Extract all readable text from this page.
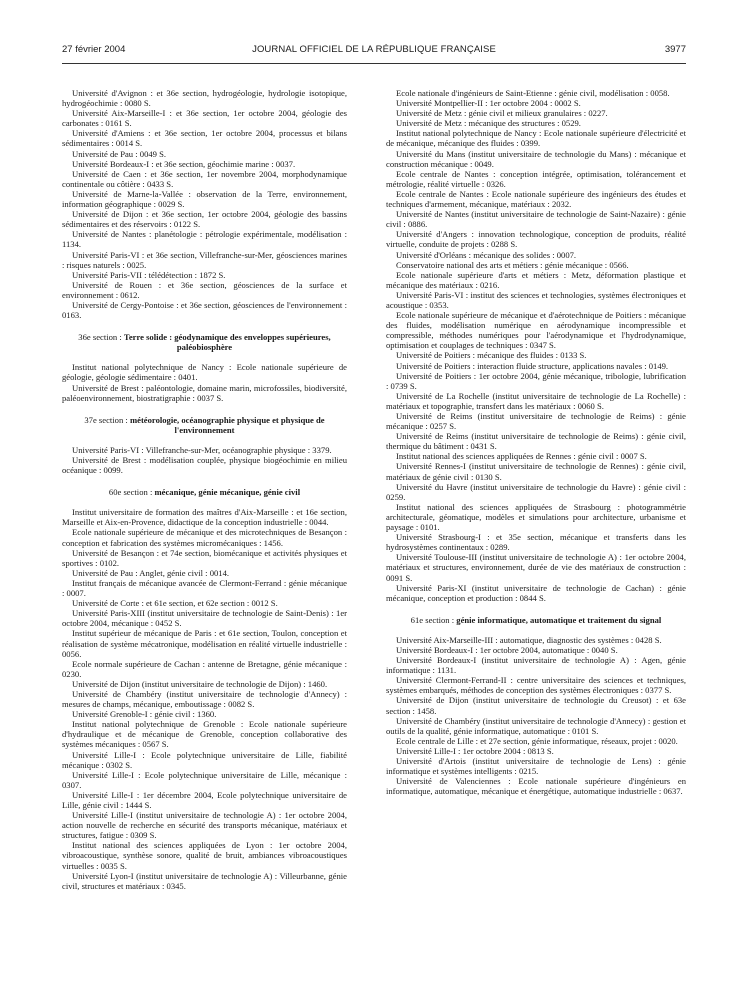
27 février 2004	JOURNAL OFFICIEL DE LA RÉPUBLIQUE FRANÇAISE	3977

Université d'Avignon : et 36e section, hydrogéologie, hydrologie isotopique, hydrogéochimie : 0080 S.

Université Aix-Marseille-I : et 36e section, 1er octobre 2004, géologie des carbonates : 0161 S.

Université d'Amiens : et 36e section, 1er octobre 2004, processus et bilans sédimentaires : 0014 S.

Université de Pau : 0049 S.

Université Bordeaux-I : et 36e section, géochimie marine : 0037.

Université de Caen : et 36e section, 1er novembre 2004, morphodynamique continentale ou côtière : 0433 S.

Université de Marne-la-Vallée : observation de la Terre, environnement, information géographique : 0029 S.

Université de Dijon : et 36e section, 1er octobre 2004, géologie des bassins sédimentaires et des réservoirs : 0122 S.

Université de Nantes : planétologie : pétrologie expérimentale, modélisation : 1134.

Université Paris-VI : et 36e section, Villefranche-sur-Mer, géosciences marines : risques naturels : 0025.

Université Paris-VII : télédétection : 1872 S.

Université de Rouen : et 36e section, géosciences de la surface et environnement : 0612.

Université de Cergy-Pontoise : et 36e section, géosciences de l'environnement : 0163.

36e section : Terre solide : géodynamique des enveloppes supérieures, paléobiosphère

Institut national polytechnique de Nancy : Ecole nationale supérieure de géologie, géologie sédimentaire : 0401.

Université de Brest : paléontologie, domaine marin, microfossiles, biodiversité, paléoenvironnement, biostratigraphie : 0037 S.

37e section : météorologie, océanographie physique et physique de l'environnement

Université Paris-VI : Villefranche-sur-Mer, océanographie physique : 3379.

Université de Brest : modélisation couplée, physique biogéochimie en milieu océanique : 0099.

60e section : mécanique, génie mécanique, génie civil

Institut universitaire de formation des maîtres d'Aix-Marseille : et 16e section, Marseille et Aix-en-Provence, didactique de la conception industrielle : 0044.

Ecole nationale supérieure de mécanique et des microtechniques de Besançon : conception et fabrication des systèmes micromécaniques : 1456.

Université de Besançon : et 74e section, biomécanique et activités physiques et sportives : 0102.

Université de Pau : Anglet, génie civil : 0014.

Institut français de mécanique avancée de Clermont-Ferrand : génie mécanique : 0007.

Université de Corte : et 61e section, et 62e section : 0012 S.

Université Paris-XIII (institut universitaire de technologie de Saint-Denis) : 1er octobre 2004, mécanique : 0452 S.

Institut supérieur de mécanique de Paris : et 61e section, Toulon, conception et réalisation de système mécatronique, modélisation en réalité virtuelle industrielle : 0056.

Ecole normale supérieure de Cachan : antenne de Bretagne, génie mécanique : 0230.

Université de Dijon (institut universitaire de technologie de Dijon) : 1460.

Université de Chambéry (institut universitaire de technologie d'Annecy) : mesures de champs, mécanique, emboutissage : 0082 S.

Université Grenoble-I : génie civil : 1360.

Institut national polytechnique de Grenoble : Ecole nationale supérieure d'hydraulique et de mécanique de Grenoble, conception collaborative des systèmes mécaniques : 0567 S.

Université Lille-I : Ecole polytechnique universitaire de Lille, fiabilité mécanique : 0302 S.

Université Lille-I : Ecole polytechnique universitaire de Lille, mécanique : 0307.

Université Lille-I : 1er décembre 2004, Ecole polytechnique universitaire de Lille, génie civil : 1444 S.

Université Lille-I (institut universitaire de technologie A) : 1er octobre 2004, action nouvelle de recherche en sécurité des transports mécanique, matériaux et structures, fatigue : 0309 S.

Institut national des sciences appliquées de Lyon : 1er octobre 2004, vibroacoustique, synthèse sonore, qualité de bruit, ambiances vibroacoustiques virtuelles : 0035 S.

Université Lyon-I (institut universitaire de technologie A) : Villeurbanne, génie civil, structures et matériaux : 0345.

Ecole nationale d'ingénieurs de Saint-Etienne : génie civil, modélisation : 0058.

Université Montpellier-II : 1er octobre 2004 : 0002 S.

Université de Metz : génie civil et milieux granulaires : 0227.

Université de Metz : mécanique des structures : 0529.

Institut national polytechnique de Nancy : Ecole nationale supérieure d'électricité et de mécanique, mécanique des fluides : 0399.

Université du Mans (institut universitaire de technologie du Mans) : mécanique et construction mécanique : 0049.

Ecole centrale de Nantes : conception intégrée, optimisation, tolérancement et métrologie, réalité virtuelle : 0326.

Ecole centrale de Nantes : Ecole nationale supérieure des ingénieurs des études et techniques d'armement, mécanique, matériaux : 2032.

Université de Nantes (institut universitaire de technologie de Saint-Nazaire) : génie civil : 0886.

Université d'Angers : innovation technologique, conception de produits, réalité virtuelle, conduite de projets : 0288 S.

Université d'Orléans : mécanique des solides : 0007.

Conservatoire national des arts et métiers : génie mécanique : 0566.

Ecole nationale supérieure d'arts et métiers : Metz, déformation plastique et mécanique des matériaux : 0216.

Université Paris-VI : institut des sciences et technologies, systèmes électroniques et acoustique : 0353.

Ecole nationale supérieure de mécanique et d'aérotechnique de Poitiers : mécanique des fluides, modélisation numérique en aérodynamique incompressible et compressible, méthodes numériques pour l'aérodynamique et l'hydrodynamique, optimisation et couplages de techniques : 0347 S.

Université de Poitiers : mécanique des fluides : 0133 S.

Université de Poitiers : interaction fluide structure, applications navales : 0149.

Université de Poitiers : 1er octobre 2004, génie mécanique, tribologie, lubrification : 0739 S.

Université de La Rochelle (institut universitaire de technologie de La Rochelle) : matériaux et topographie, transfert dans les matériaux : 0060 S.

Université de Reims (institut universitaire de technologie de Reims) : génie mécanique : 0257 S.

Université de Reims (institut universitaire de technologie de Reims) : génie civil, thermique du bâtiment : 0431 S.

Institut national des sciences appliquées de Rennes : génie civil : 0007 S.

Université Rennes-I (institut universitaire de technologie de Rennes) : génie civil, matériaux de génie civil : 0130 S.

Université du Havre (institut universitaire de technologie du Havre) : génie civil : 0259.

Institut national des sciences appliquées de Strasbourg : photogrammétrie architecturale, géomatique, modèles et simulations pour architecture, urbanisme et paysage : 0101.

Université Strasbourg-I : et 35e section, mécanique et transferts dans les hydrosystèmes continentaux : 0289.

Université Toulouse-III (institut universitaire de technologie A) : 1er octobre 2004, matériaux et structures, environnement, durée de vie des matériaux de construction : 0091 S.

Université Paris-XI (institut universitaire de technologie de Cachan) : génie mécanique, conception et production : 0844 S.

61e section : génie informatique, automatique et traitement du signal

Université Aix-Marseille-III : automatique, diagnostic des systèmes : 0428 S.

Université Bordeaux-I : 1er octobre 2004, automatique : 0040 S.

Université Bordeaux-I (institut universitaire de technologie A) : Agen, génie informatique : 1131.

Université Clermont-Ferrand-II : centre universitaire des sciences et techniques, systèmes embarqués, méthodes de conception des systèmes électroniques : 0377 S.

Université de Dijon (institut universitaire de technologie du Creusot) : et 63e section : 1458.

Université de Chambéry (institut universitaire de technologie d'Annecy) : gestion et outils de la qualité, génie informatique, automatique : 0101 S.

Ecole centrale de Lille : et 27e section, génie informatique, réseaux, projet : 0020.

Université Lille-I : 1er octobre 2004 : 0813 S.

Université d'Artois (institut universitaire de technologie de Lens) : génie informatique et systèmes intelligents : 0215.

Université de Valenciennes : Ecole nationale supérieure d'ingénieurs en informatique, automatique, mécanique et énergétique, automatique industrielle : 0637.
